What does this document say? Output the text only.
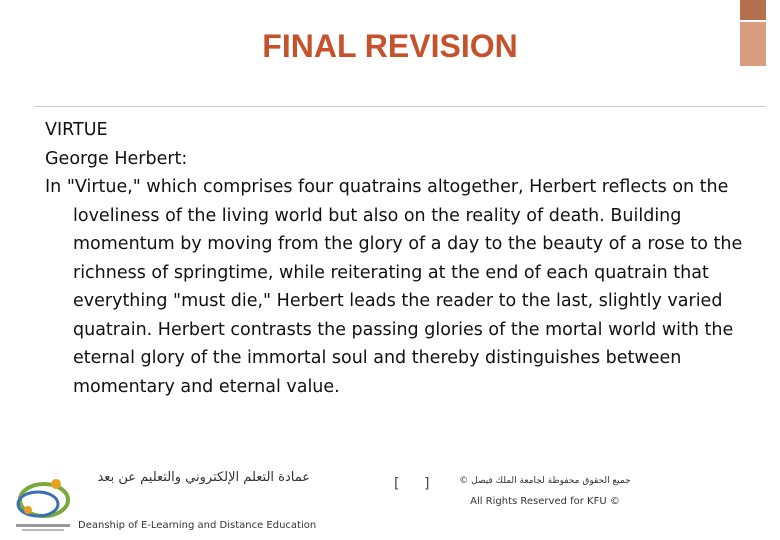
FINAL REVISION

VIRTUE

George Herbert:

In "Virtue," which comprises four quatrains altogether, Herbert reflects on the loveliness of the living world but also on the reality of death. Building momentum by moving from the glory of a day to the beauty of a rose to the richness of springtime, while reiterating at the end of each quatrain that everything "must die," Herbert leads the reader to the last, slightly varied quatrain. Herbert contrasts the passing glories of the mortal world with the eternal glory of the immortal soul and thereby distinguishes between momentary and eternal value.

عمادة التعلم الإلكتروني والتعليم عن بعد
Deanship of E-Learning and Distance Education
[ ]	جميع الحقوق محفوظة لجامعة الملك فيصل ©
All Rights Reserved for KFU ©
